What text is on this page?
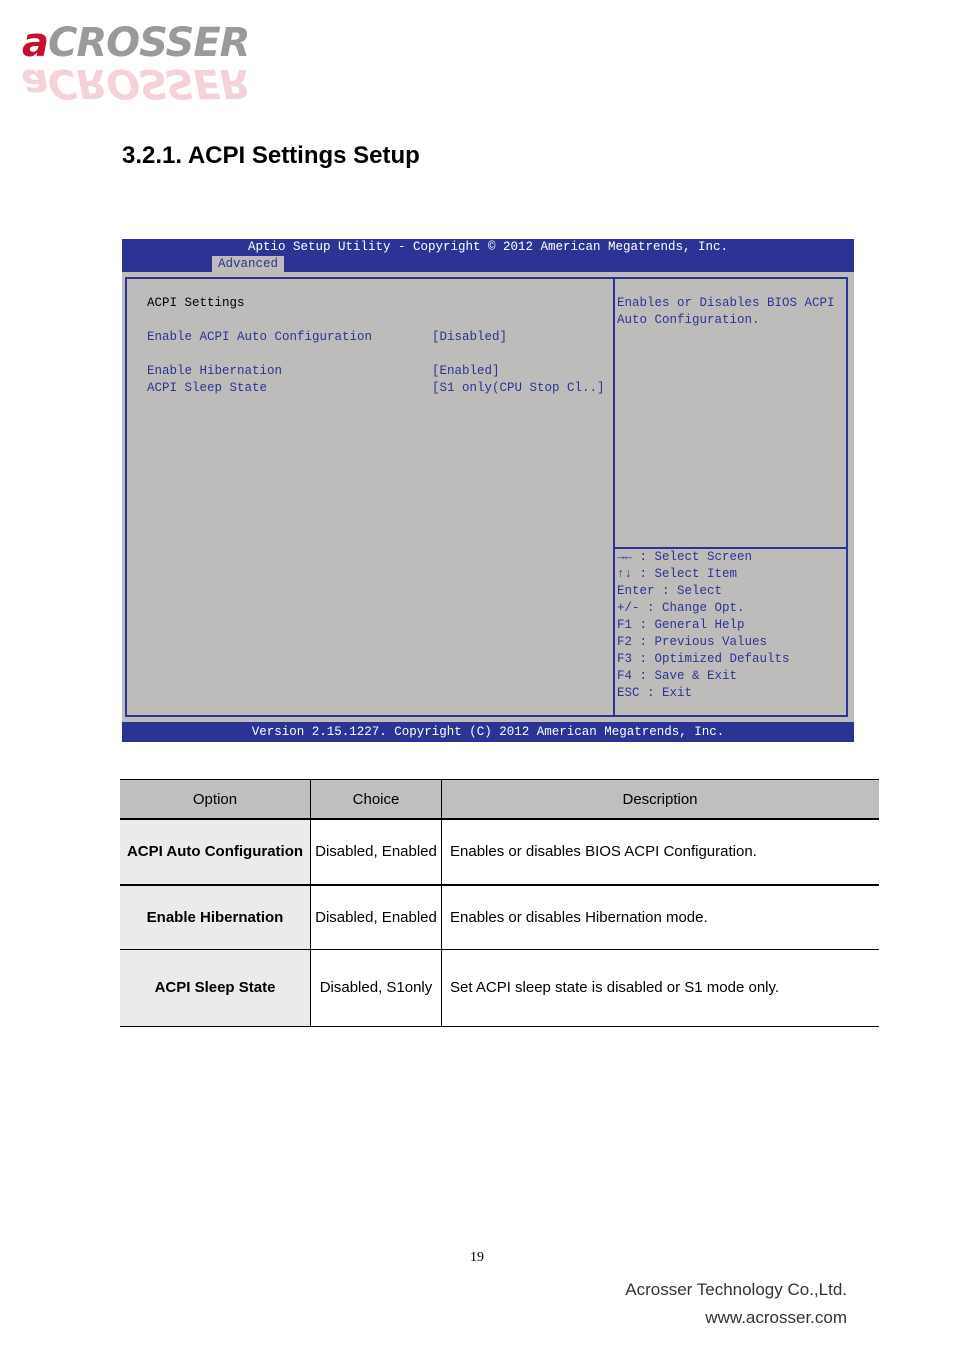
aCROSSER
aCROSSER
3.2.1. ACPI Settings Setup
Aptio Setup Utility - Copyright © 2012 American Megatrends, Inc.
Advanced
ACPI Settings
Enable ACPI Auto Configuration	[Disabled]
Enable Hibernation	[Enabled]
ACPI Sleep State	[S1 only(CPU Stop Cl..]
Enables or Disables BIOS ACPI
Auto Configuration.
→← : Select Screen
↑↓ : Select Item
Enter : Select
+/- : Change Opt.
F1 : General Help
F2 : Previous Values
F3 : Optimized Defaults
F4 : Save & Exit
ESC : Exit
Version 2.15.1227. Copyright (C) 2012 American Megatrends, Inc.
Option	Choice	Description
ACPI Auto Configuration	Disabled, Enabled	Enables or disables BIOS ACPI Configuration.
Enable Hibernation	Disabled, Enabled	Enables or disables Hibernation mode.
ACPI Sleep State	Disabled, S1only	Set ACPI sleep state is disabled or S1 mode only.
19
Acrosser Technology Co.,Ltd.
www.acrosser.com
